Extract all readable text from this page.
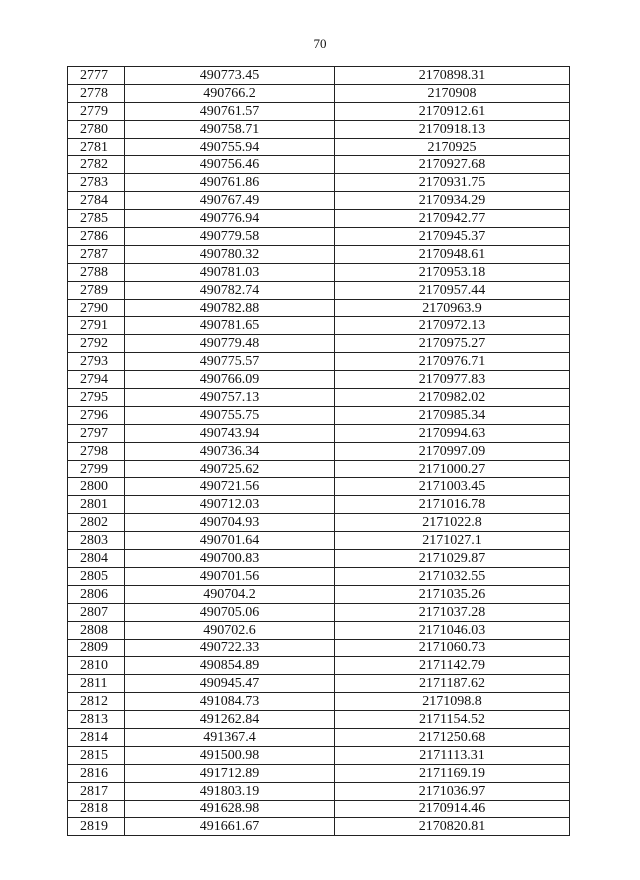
70
2777	490773.45	2170898.31
2778	490766.2	2170908
2779	490761.57	2170912.61
2780	490758.71	2170918.13
2781	490755.94	2170925
2782	490756.46	2170927.68
2783	490761.86	2170931.75
2784	490767.49	2170934.29
2785	490776.94	2170942.77
2786	490779.58	2170945.37
2787	490780.32	2170948.61
2788	490781.03	2170953.18
2789	490782.74	2170957.44
2790	490782.88	2170963.9
2791	490781.65	2170972.13
2792	490779.48	2170975.27
2793	490775.57	2170976.71
2794	490766.09	2170977.83
2795	490757.13	2170982.02
2796	490755.75	2170985.34
2797	490743.94	2170994.63
2798	490736.34	2170997.09
2799	490725.62	2171000.27
2800	490721.56	2171003.45
2801	490712.03	2171016.78
2802	490704.93	2171022.8
2803	490701.64	2171027.1
2804	490700.83	2171029.87
2805	490701.56	2171032.55
2806	490704.2	2171035.26
2807	490705.06	2171037.28
2808	490702.6	2171046.03
2809	490722.33	2171060.73
2810	490854.89	2171142.79
2811	490945.47	2171187.62
2812	491084.73	2171098.8
2813	491262.84	2171154.52
2814	491367.4	2171250.68
2815	491500.98	2171113.31
2816	491712.89	2171169.19
2817	491803.19	2171036.97
2818	491628.98	2170914.46
2819	491661.67	2170820.81
